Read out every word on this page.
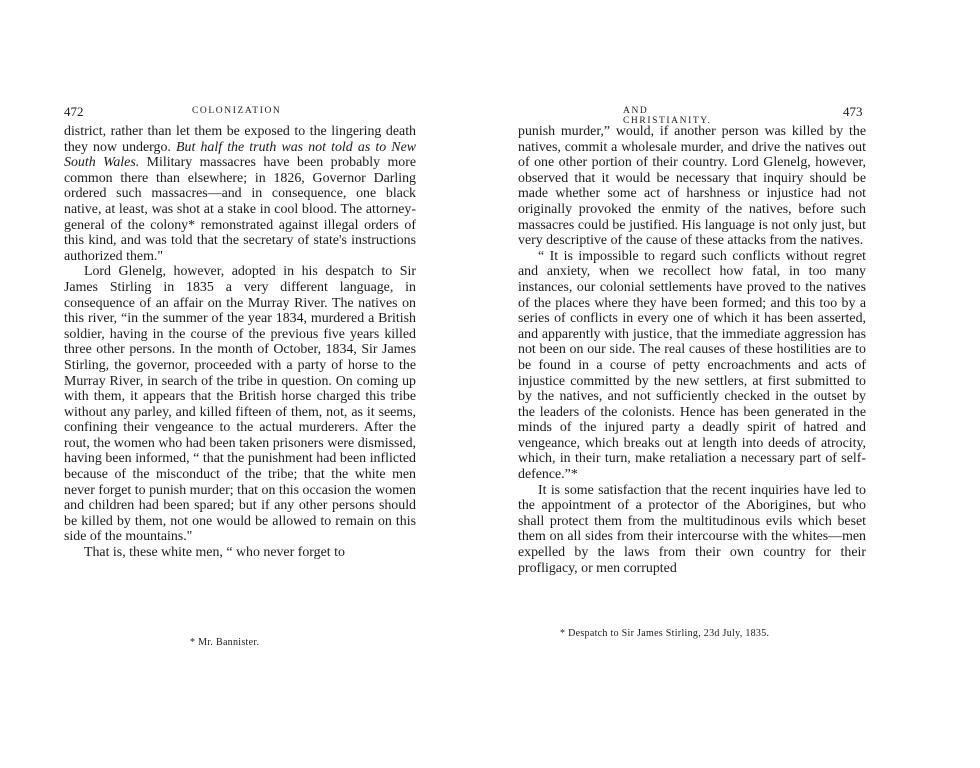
472	COLONIZATION

district, rather than let them be exposed to the lingering death they now undergo. But half the truth was not told as to New South Wales. Military massacres have been probably more common there than elsewhere; in 1826, Governor Darling ordered such massacres—and in consequence, one black native, at least, was shot at a stake in cool blood. The attorney-general of the colony* remonstrated against illegal orders of this kind, and was told that the secretary of state's instructions authorized them."

Lord Glenelg, however, adopted in his despatch to Sir James Stirling in 1835 a very different language, in consequence of an affair on the Murray River. The natives on this river, “in the summer of the year 1834, murdered a British soldier, having in the course of the previous five years killed three other persons. In the month of October, 1834, Sir James Stirling, the governor, proceeded with a party of horse to the Murray River, in search of the tribe in question. On coming up with them, it appears that the British horse charged this tribe without any parley, and killed fifteen of them, not, as it seems, confining their vengeance to the actual murderers. After the rout, the women who had been taken prisoners were dismissed, having been informed, “ that the punishment had been inflicted because of the misconduct of the tribe; that the white men never forget to punish murder; that on this occasion the women and children had been spared; but if any other persons should be killed by them, not one would be allowed to remain on this side of the mountains."

That is, these white men, “ who never forget to

* Mr. Bannister.
AND CHRISTIANITY.
473

punish murder,” would, if another person was killed by the natives, commit a wholesale murder, and drive the natives out of one other portion of their country. Lord Glenelg, however, observed that it would be necessary that inquiry should be made whether some act of harshness or injustice had not originally provoked the enmity of the natives, before such massacres could be justified. His language is not only just, but very descriptive of the cause of these attacks from the natives.

“ It is impossible to regard such conflicts without regret and anxiety, when we recollect how fatal, in too many instances, our colonial settlements have proved to the natives of the places where they have been formed; and this too by a series of conflicts in every one of which it has been asserted, and apparently with justice, that the immediate aggression has not been on our side. The real causes of these hostilities are to be found in a course of petty encroachments and acts of injustice committed by the new settlers, at first submitted to by the natives, and not sufficiently checked in the outset by the leaders of the colonists. Hence has been generated in the minds of the injured party a deadly spirit of hatred and vengeance, which breaks out at length into deeds of atrocity, which, in their turn, make retaliation a necessary part of self-defence.”*

It is some satisfaction that the recent inquiries have led to the appointment of a protector of the Aborigines, but who shall protect them from the multitudinous evils which beset them on all sides from their intercourse with the whites—men expelled by the laws from their own country for their profligacy, or men corrupted

* Despatch to Sir James Stirling, 23d July, 1835.
